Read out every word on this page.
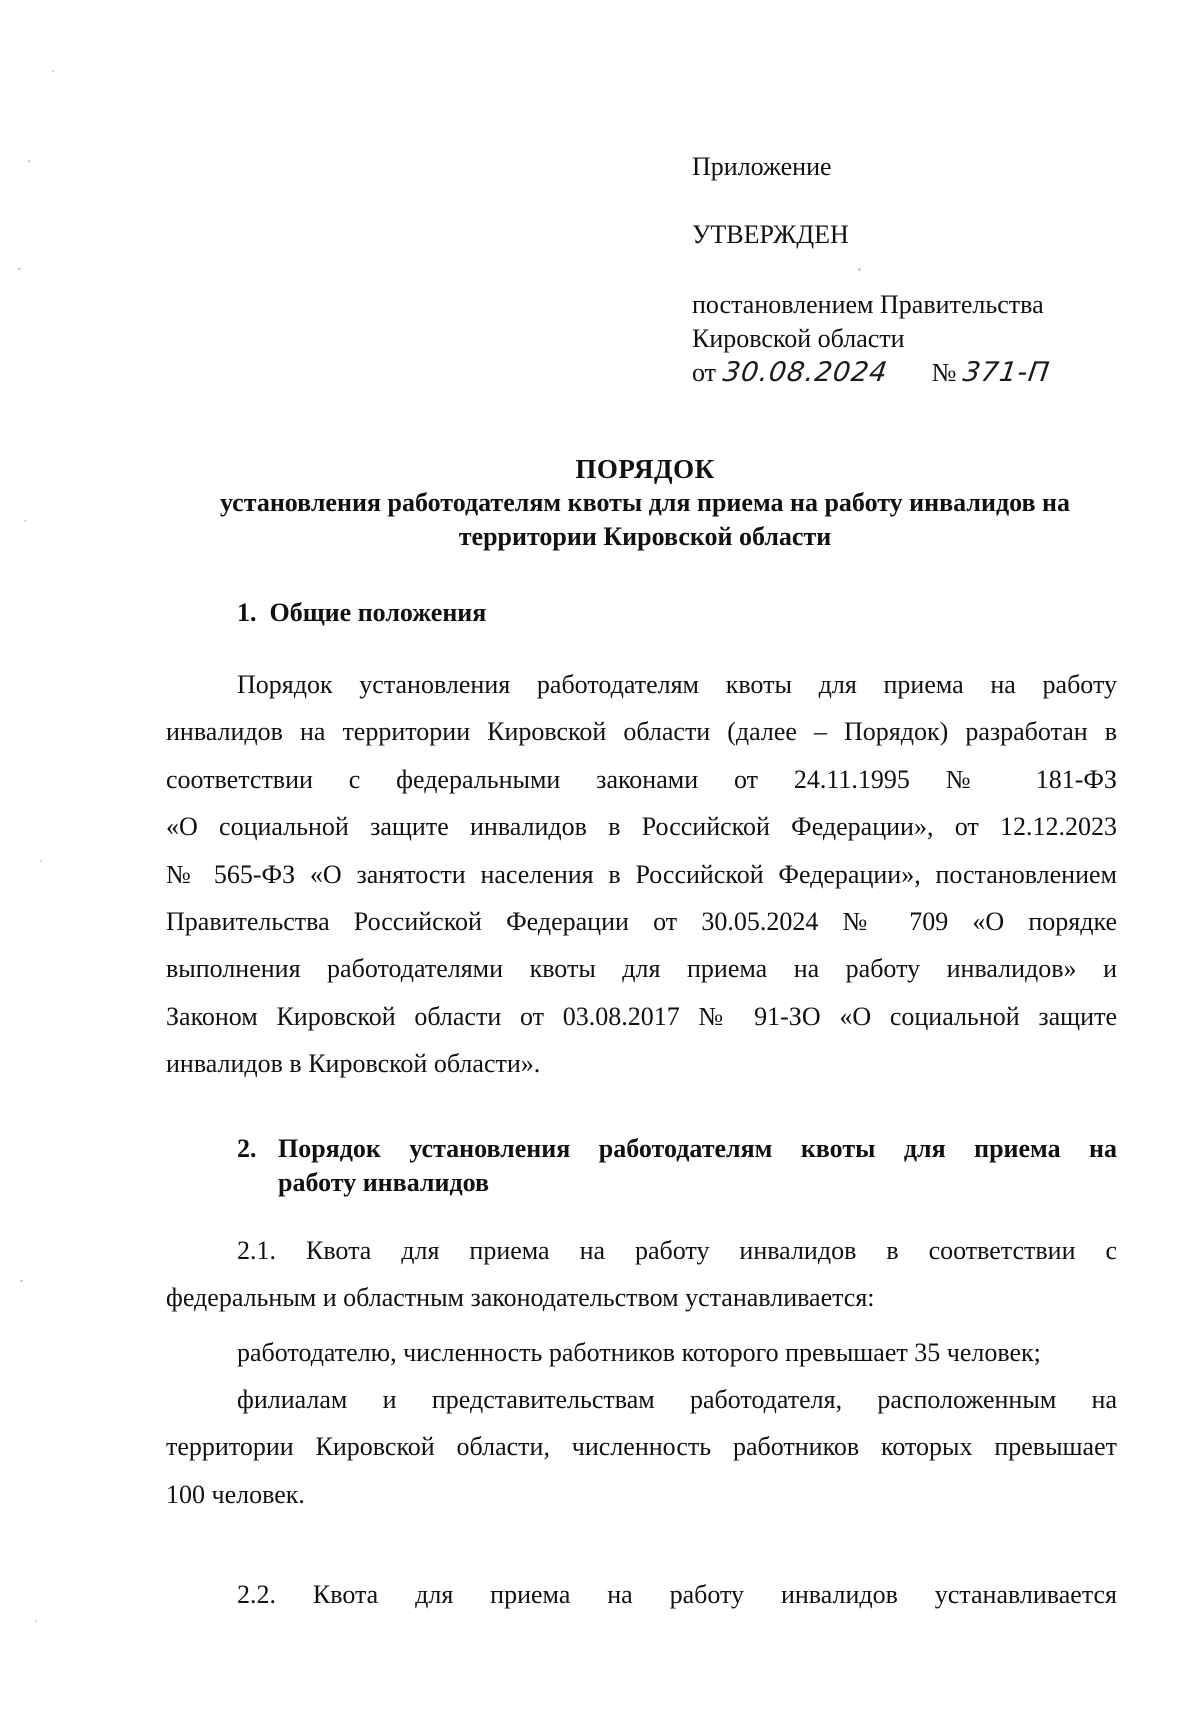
Приложение
УТВЕРЖДЕН
постановлением Правительства
Кировской области
от 30.08.2024 № 371-П
ПОРЯДОК
установления работодателям квоты для приема на работу инвалидов на
территории Кировской области
1.  Общие положения
Порядок установления работодателям квоты для приема на работу
инвалидов на территории Кировской области (далее – Порядок) разработан в
соответствии с федеральными законами от 24.11.1995 № 181-ФЗ
«О социальной защите инвалидов в Российской Федерации», от 12.12.2023
№ 565-ФЗ «О занятости населения в Российской Федерации», постановлением
Правительства Российской Федерации от 30.05.2024 № 709 «О порядке
выполнения работодателями квоты для приема на работу инвалидов» и
Законом Кировской области от 03.08.2017 № 91-ЗО «О социальной защите
инвалидов в Кировской области».
2. Порядок установления работодателям квоты для приема на
работу инвалидов
2.1. Квота для приема на работу инвалидов в соответствии с
федеральным и областным законодательством устанавливается:
работодателю, численность работников которого превышает 35 человек;
филиалам и представительствам работодателя, расположенным на
территории Кировской области, численность работников которых превышает
100 человек.
2.2. Квота для приема на работу инвалидов устанавливается
